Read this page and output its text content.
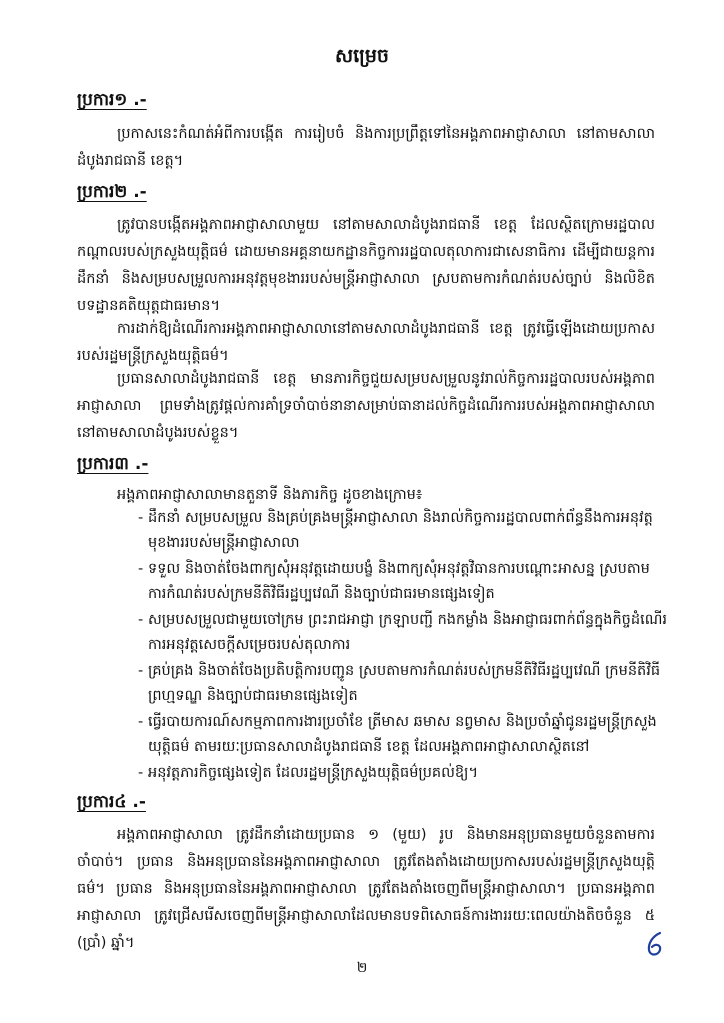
សម្រេច
ប្រការ១ .-

ប្រកាសនេះកំណត់អំពីការបង្កើត ការរៀបចំ និងការប្រព្រឹត្តទៅនៃអង្គភាពអាជ្ញាសាលា នៅតាមសាលាដំបូងរាជធានី ខេត្ត។

ប្រការ២ .-

ត្រូវបានបង្កើតអង្គភាពអាជ្ញាសាលាមួយ នៅតាមសាលាដំបូងរាជធានី ខេត្ត ដែលស្ថិតក្រោមរដ្ឋបាលកណ្តាលរបស់ក្រសួងយុត្តិធម៌ ដោយមានអគ្គនាយកដ្ឋានកិច្ចការរដ្ឋបាលតុលាការជាសេនាធិការ ដើម្បីជាយន្តការដឹកនាំ និងសម្របសម្រួលការអនុវត្តមុខងាររបស់មន្ត្រីអាជ្ញាសាលា ស្របតាមការកំណត់របស់ច្បាប់ និងលិខិតបទដ្ឋានគតិយុត្តជាធរមាន។

ការដាក់ឱ្យដំណើរការអង្គភាពអាជ្ញាសាលានៅតាមសាលាដំបូងរាជធានី ខេត្ត ត្រូវធ្វើឡើងដោយប្រកាសរបស់រដ្ឋមន្ត្រីក្រសួងយុត្តិធម៌។

ប្រធានសាលាដំបូងរាជធានី ខេត្ត មានភារកិច្ចជួយសម្របសម្រួលនូវរាល់កិច្ចការរដ្ឋបាលរបស់អង្គភាពអាជ្ញាសាលា ព្រមទាំងត្រូវផ្តល់ការគាំទ្រចាំបាច់នានាសម្រាប់ធានាដល់កិច្ចដំណើរការរបស់អង្គភាពអាជ្ញាសាលានៅតាមសាលាដំបូងរបស់ខ្លួន។

ប្រការ៣ .-

អង្គភាពអាជ្ញាសាលាមានតួនាទី និងភារកិច្ច ដូចខាងក្រោម៖

- ដឹកនាំ សម្របសម្រួល និងគ្រប់គ្រងមន្ត្រីអាជ្ញាសាលា និងរាល់កិច្ចការរដ្ឋបាលពាក់ព័ន្ធនឹងការអនុវត្តមុខងាររបស់មន្ត្រីអាជ្ញាសាលា
- ទទួល និងចាត់ចែងពាក្យសុំអនុវត្តដោយបង្ខំ និងពាក្យសុំអនុវត្តវិធានការបណ្តោះអាសន្ន ស្របតាមការកំណត់របស់ក្រមនីតិវិធីរដ្ឋប្បវេណី និងច្បាប់ជាធរមានផ្សេងទៀត
- សម្របសម្រួលជាមួយចៅក្រម ព្រះរាជអាជ្ញា ក្រឡាបញ្ជី កងកម្លាំង និងអាជ្ញាធរពាក់ព័ន្ធក្នុងកិច្ចដំណើរការអនុវត្តសេចក្តីសម្រេចរបស់តុលាការ
- គ្រប់គ្រង និងចាត់ចែងប្រតិបត្តិការបញ្ជូន ស្របតាមការកំណត់របស់ក្រមនីតិវិធីរដ្ឋប្បវេណី ក្រមនីតិវិធីព្រហ្មទណ្ឌ និងច្បាប់ជាធរមានផ្សេងទៀត
- ធ្វើរបាយការណ៍សកម្មភាពការងារប្រចាំខែ ត្រីមាស ឆមាស នព្វមាស និងប្រចាំឆ្នាំជូនរដ្ឋមន្ត្រីក្រសួងយុត្តិធម៌ តាមរយៈប្រធានសាលាដំបូងរាជធានី ខេត្ត ដែលអង្គភាពអាជ្ញាសាលាស្ថិតនៅ
- អនុវត្តភារកិច្ចផ្សេងទៀត ដែលរដ្ឋមន្ត្រីក្រសួងយុត្តិធម៌ប្រគល់ឱ្យ។
ប្រការ៤ .-

អង្គភាពអាជ្ញាសាលា ត្រូវដឹកនាំដោយប្រធាន ១ (មួយ) រូប និងមានអនុប្រធានមួយចំនួនតាមការចាំបាច់។ ប្រធាន និងអនុប្រធាននៃអង្គភាពអាជ្ញាសាលា ត្រូវតែងតាំងដោយប្រកាសរបស់រដ្ឋមន្ត្រីក្រសួងយុត្តិធម៌។ ប្រធាន និងអនុប្រធាននៃអង្គភាពអាជ្ញាសាលា ត្រូវតែងតាំងចេញពីមន្ត្រីអាជ្ញាសាលា។ ប្រធានអង្គភាពអាជ្ញាសាលា ត្រូវជ្រើសរើសចេញពីមន្ត្រីអាជ្ញាសាលាដែលមានបទពិសោធន៍ការងាររយៈពេលយ៉ាងតិចចំនួន ៥ (ប្រាំ) ឆ្នាំ។

២
